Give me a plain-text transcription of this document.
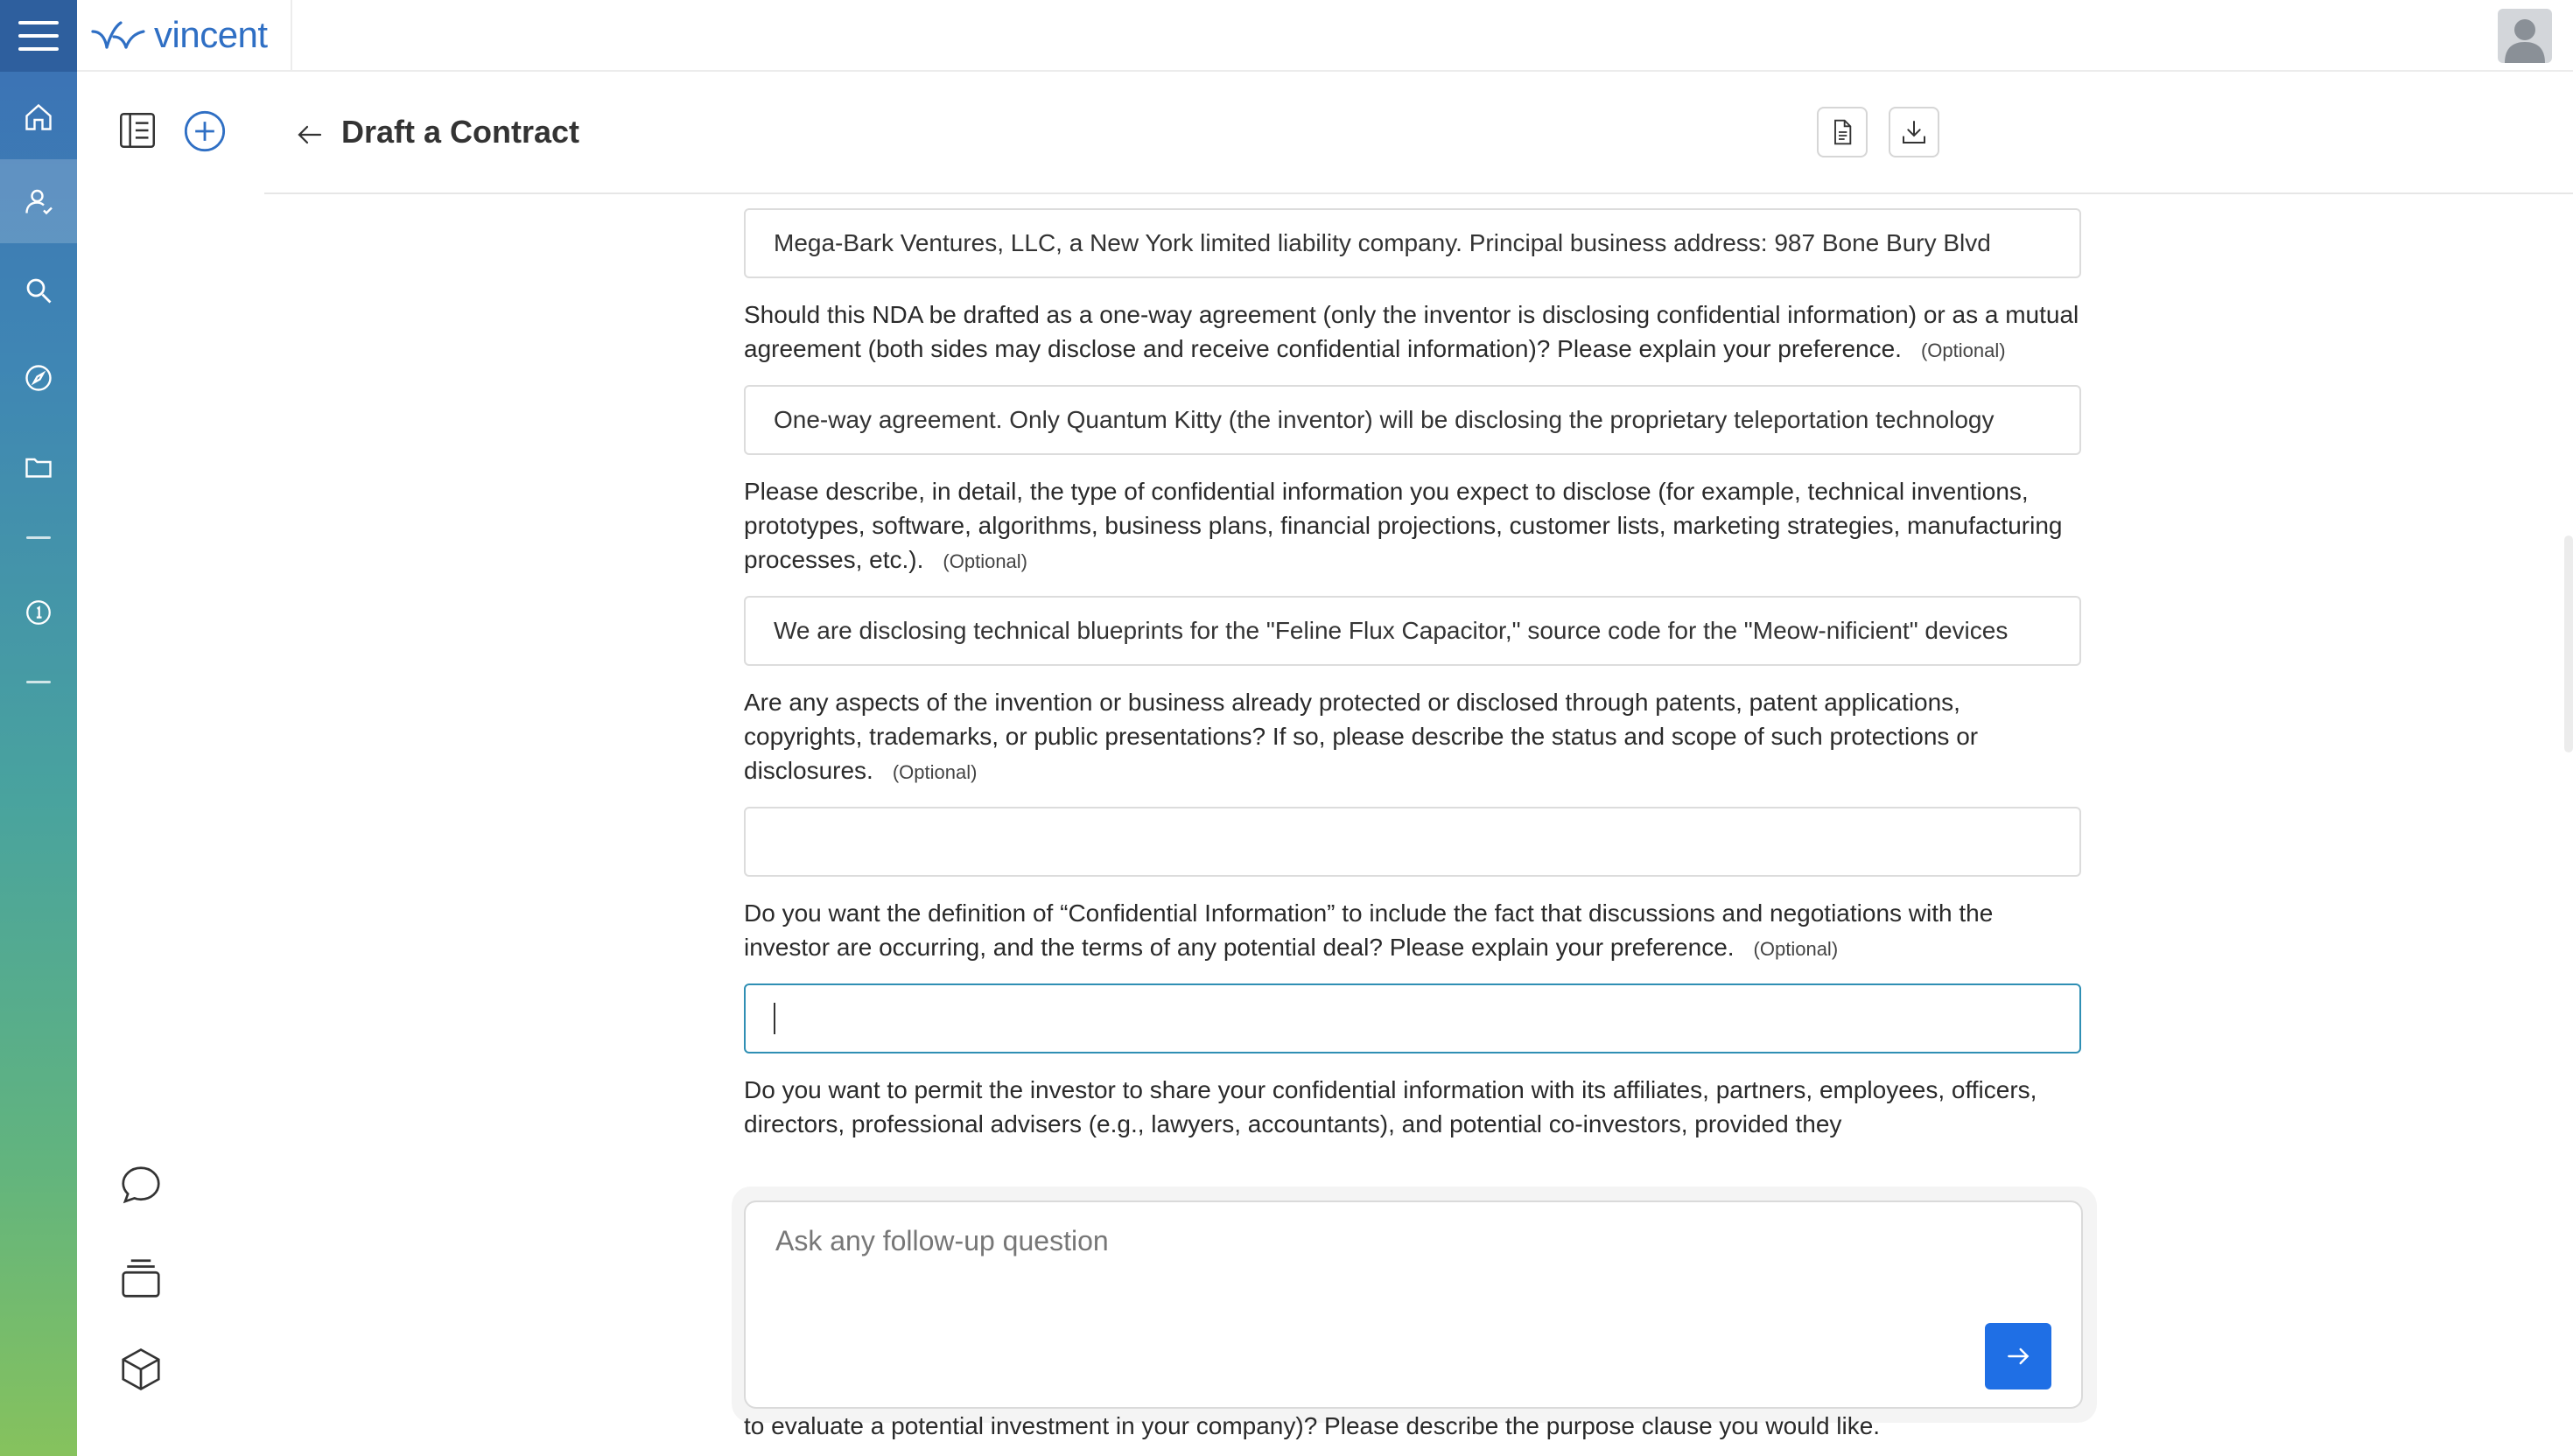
vincent
Draft a Contract
Mega-Bark Ventures, LLC, a New York limited liability company. Principal business address: 987 Bone Bury Blvd
Should this NDA be drafted as a one-way agreement (only the inventor is disclosing confidential information) or as a mutual agreement (both sides may disclose and receive confidential information)? Please explain your preference. (Optional)
One-way agreement. Only Quantum Kitty (the inventor) will be disclosing the proprietary teleportation technology
Please describe, in detail, the type of confidential information you expect to disclose (for example, technical inventions, prototypes, software, algorithms, business plans, financial projections, customer lists, marketing strategies, manufacturing processes, etc.). (Optional)
We are disclosing technical blueprints for the "Feline Flux Capacitor," source code for the "Meow-nificient" devices
Are any aspects of the invention or business already protected or disclosed through patents, patent applications, copyrights, trademarks, or public presentations? If so, please describe the status and scope of such protections or disclosures. (Optional)
Do you want the definition of “Confidential Information” to include the fact that discussions and negotiations with the investor are occurring, and the terms of any potential deal? Please explain your preference. (Optional)
Do you want to permit the investor to share your confidential information with its affiliates, partners, employees, officers, directors, professional advisers (e.g., lawyers, accountants), and potential co-investors, provided they
Ask any follow-up question
to evaluate a potential investment in your company)? Please describe the purpose clause you would like.
